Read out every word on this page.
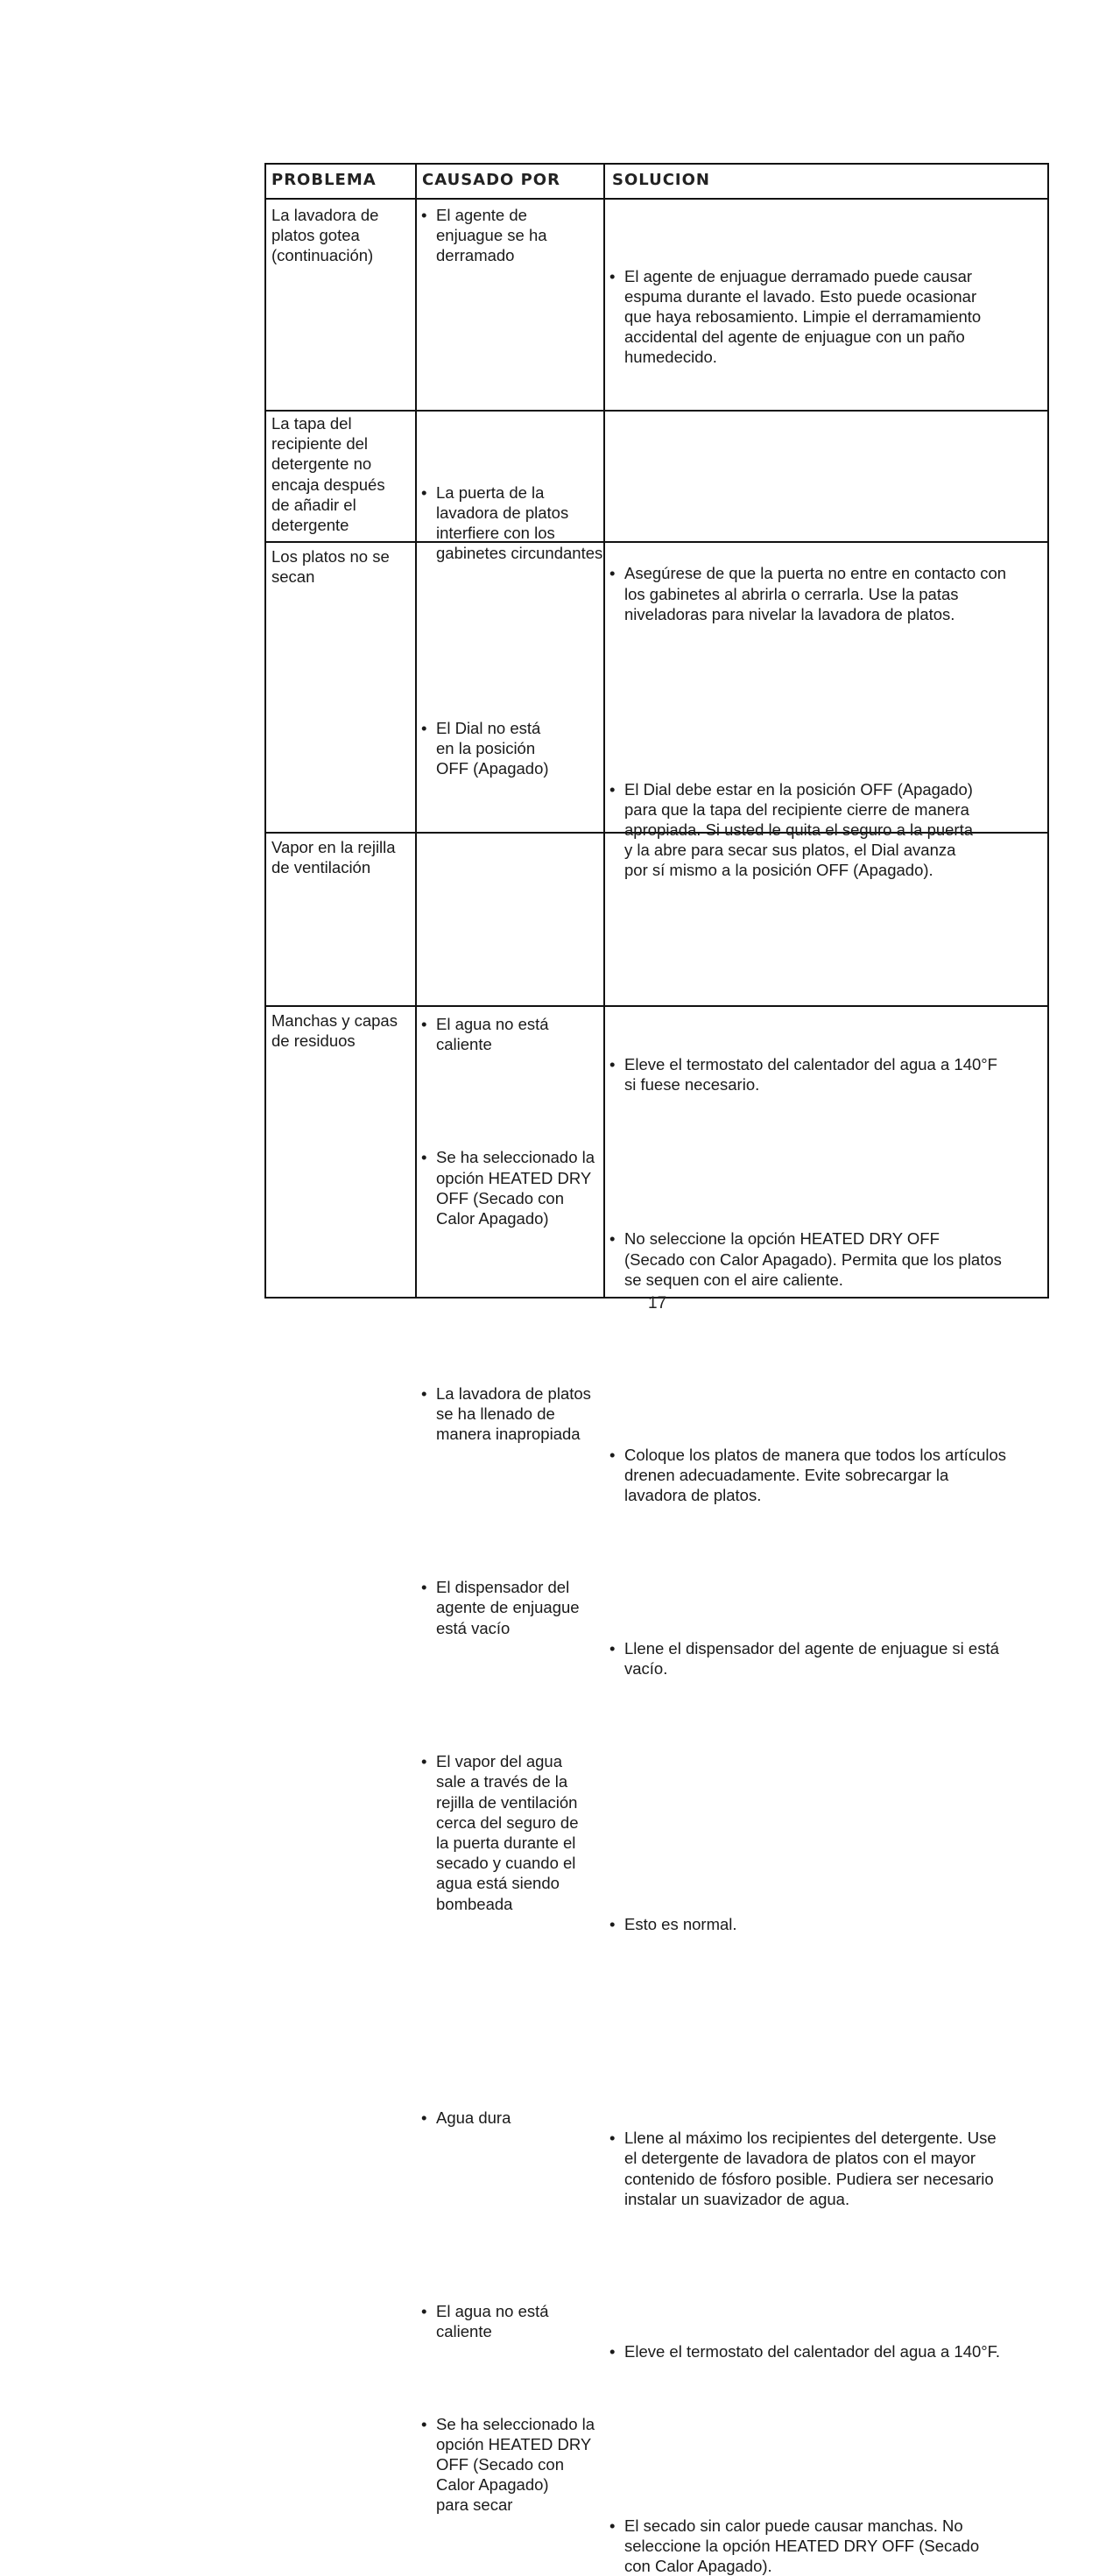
PROBLEMA	CAUSADO POR	SOLUCION
La lavadora de
platos gotea
(continuación)
• El agente de
enjuague se ha
derramado
• El agente de enjuague derramado puede causar
espuma durante el lavado. Esto puede ocasionar
que haya rebosamiento. Limpie el derramamiento
accidental del agente de enjuague con un paño
humedecido.
• La puerta de la
lavadora de platos
interfiere con los
gabinetes circundantes
• Asegúrese de que la puerta no entre en contacto con
los gabinetes al abrirla o cerrarla. Use la patas
niveladoras para nivelar la lavadora de platos.
La tapa del
recipiente del
detergente no
encaja después
de añadir el
detergente
• El Dial no está
en la posición
OFF (Apagado)
• El Dial debe estar en la posición OFF (Apagado)
para que la tapa del recipiente cierre de manera
apropiada. Si usted le quita el seguro a la puerta
y la abre para secar sus platos, el Dial avanza
por sí mismo a la posición OFF (Apagado).
Los platos no se
secan
• El agua no está
caliente
• Eleve el termostato del calentador del agua a 140°F
si fuese necesario.
• Se ha seleccionado la
opción HEATED DRY
OFF (Secado con
Calor Apagado)
• No seleccione la opción HEATED DRY OFF
(Secado con Calor Apagado). Permita que los platos
se sequen con el aire caliente.
• La lavadora de platos
se ha llenado de
manera inapropiada
• Coloque los platos de manera que todos los artículos
drenen adecuadamente. Evite sobrecargar la
lavadora de platos.
• El dispensador del
agente de enjuague
está vacío
• Llene el dispensador del agente de enjuague si está
vacío.
Vapor en la rejilla
de ventilación
• El vapor del agua
sale a través de la
rejilla de ventilación
cerca del seguro de
la puerta durante el
secado y cuando el
agua está siendo
bombeada
• Esto es normal.
Manchas y capas
de residuos
• Agua dura
• Llene al máximo los recipientes del detergente. Use
el detergente de lavadora de platos con el mayor
contenido de fósforo posible. Pudiera ser necesario
instalar un suavizador de agua.
• El agua no está
caliente
• Eleve el termostato del calentador del agua a 140°F.
• Se ha seleccionado la
opción HEATED DRY
OFF (Secado con
Calor Apagado)
para secar
• El secado sin calor puede causar manchas. No
seleccione la opción HEATED DRY OFF (Secado
con Calor Apagado).
17
